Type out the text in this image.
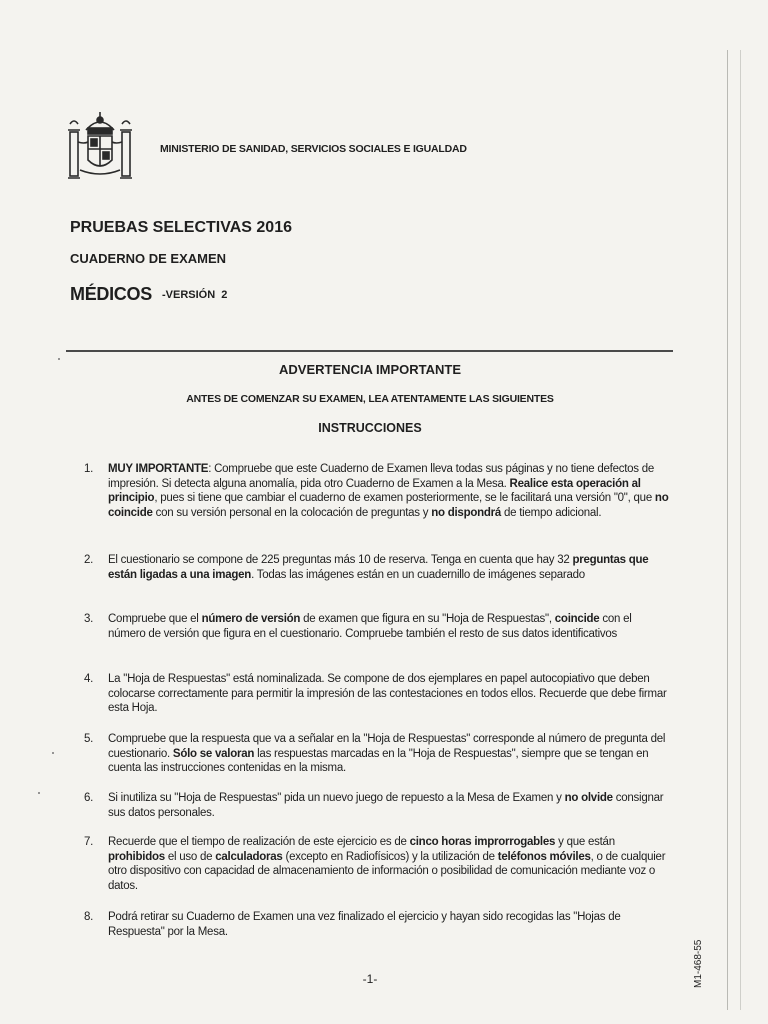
MINISTERIO DE SANIDAD, SERVICIOS SOCIALES E IGUALDAD
PRUEBAS SELECTIVAS 2016
CUADERNO DE EXAMEN
MÉDICOS -VERSIÓN 2
ADVERTENCIA IMPORTANTE
ANTES DE COMENZAR SU EXAMEN, LEA ATENTAMENTE LAS SIGUIENTES
INSTRUCCIONES
1.	MUY IMPORTANTE: Compruebe que este Cuaderno de Examen lleva todas sus páginas y no tiene defectos de impresión. Si detecta alguna anomalía, pida otro Cuaderno de Examen a la Mesa. Realice esta operación al principio, pues si tiene que cambiar el cuaderno de examen posteriormente, se le facilitará una versión "0", que no coincide con su versión personal en la colocación de preguntas y no dispondrá de tiempo adicional.
2.	El cuestionario se compone de 225 preguntas más 10 de reserva. Tenga en cuenta que hay 32 preguntas que están ligadas a una imagen. Todas las imágenes están en un cuadernillo de imágenes separado
3.	Compruebe que el número de versión de examen que figura en su "Hoja de Respuestas", coincide con el número de versión que figura en el cuestionario. Compruebe también el resto de sus datos identificativos
4.	La "Hoja de Respuestas" está nominalizada. Se compone de dos ejemplares en papel autocopiativo que deben colocarse correctamente para permitir la impresión de las contestaciones en todos ellos. Recuerde que debe firmar esta Hoja.
5.	Compruebe que la respuesta que va a señalar en la "Hoja de Respuestas" corresponde al número de pregunta del cuestionario. Sólo se valoran las respuestas marcadas en la "Hoja de Respuestas", siempre que se tengan en cuenta las instrucciones contenidas en la misma.
6.	Si inutiliza su "Hoja de Respuestas" pida un nuevo juego de repuesto a la Mesa de Examen y no olvide consignar sus datos personales.
7.	Recuerde que el tiempo de realización de este ejercicio es de cinco horas improrrogables y que están prohibidos el uso de calculadoras (excepto en Radiofísicos) y la utilización de teléfonos móviles, o de cualquier otro dispositivo con capacidad de almacenamiento de información o posibilidad de comunicación mediante voz o datos.
8.	Podrá retirar su Cuaderno de Examen una vez finalizado el ejercicio y hayan sido recogidas las "Hojas de Respuesta" por la Mesa.
-1-	M1-468-55
